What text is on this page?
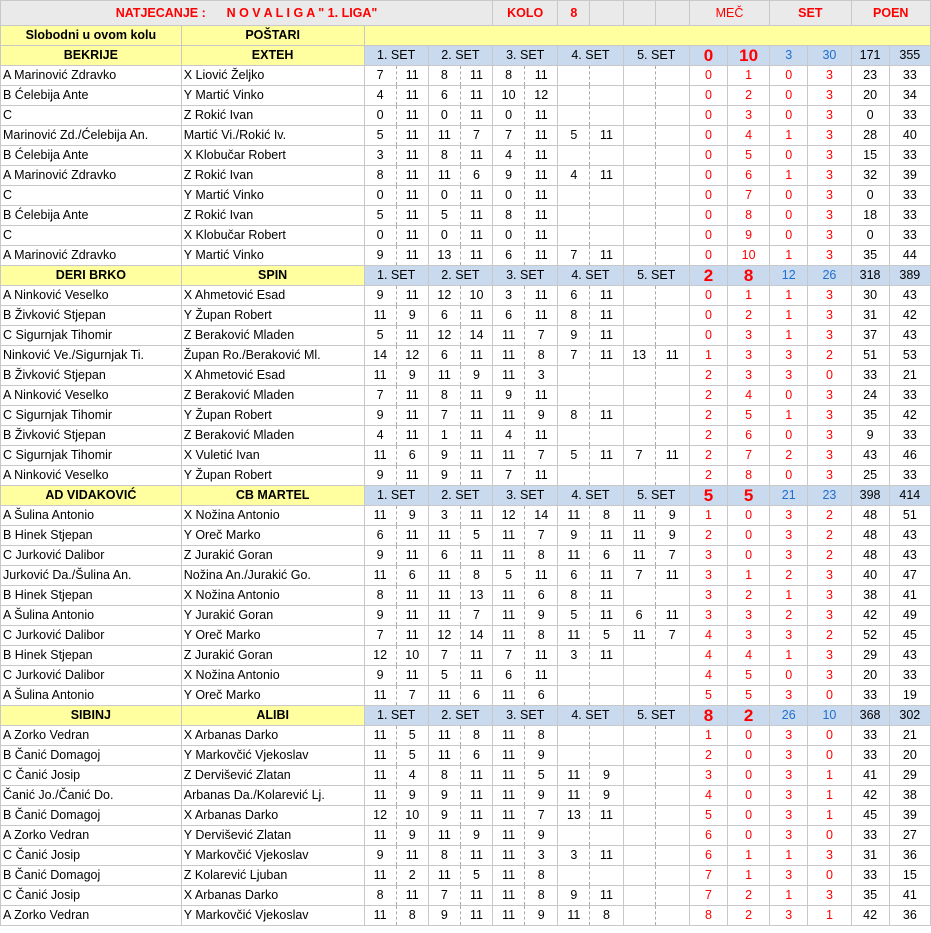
NATJECANJE : N O V A L I G A " 1. LIGA"						KOLO		8				MEČ		SET		POEN	
Slobodni u ovom kolu	POŠTARI																
BEKRIJE	EXTEH	1. SET		2. SET		3. SET		4. SET		5. SET		0	10	3	30	171	355
A Marinović Zdravko	X Liović Željko	7	11	8	11	8	11					0	1	0	3	23	33
B Ćelebija Ante	Y Martić Vinko	4	11	6	11	10	12					0	2	0	3	20	34
C	Z Rokić Ivan	0	11	0	11	0	11					0	3	0	3	0	33
Marinović Zd./Ćelebija An.	Martić Vi./Rokić Iv.	5	11	11	7	7	11	5	11			0	4	1	3	28	40
B Ćelebija Ante	X Klobučar Robert	3	11	8	11	4	11					0	5	0	3	15	33
A Marinović Zdravko	Z Rokić Ivan	8	11	11	6	9	11	4	11			0	6	1	3	32	39
C	Y Martić Vinko	0	11	0	11	0	11					0	7	0	3	0	33
B Ćelebija Ante	Z Rokić Ivan	5	11	5	11	8	11					0	8	0	3	18	33
C	X Klobučar Robert	0	11	0	11	0	11					0	9	0	3	0	33
A Marinović Zdravko	Y Martić Vinko	9	11	13	11	6	11	7	11			0	10	1	3	35	44
DERI BRKO	SPIN	1. SET		2. SET		3. SET		4. SET		5. SET		2	8	12	26	318	389
A Ninković Veselko	X Ahmetović Esad	9	11	12	10	3	11	6	11			0	1	1	3	30	43
B Živković Stjepan	Y Župan Robert	11	9	6	11	6	11	8	11			0	2	1	3	31	42
C Sigurnjak Tihomir	Z Beraković Mladen	5	11	12	14	11	7	9	11			0	3	1	3	37	43
Ninković Ve./Sigurnjak Ti.	Župan Ro./Beraković Ml.	14	12	6	11	11	8	7	11	13	11	1	3	3	2	51	53
B Živković Stjepan	X Ahmetović Esad	11	9	11	9	11	3					2	3	3	0	33	21
A Ninković Veselko	Z Beraković Mladen	7	11	8	11	9	11					2	4	0	3	24	33
C Sigurnjak Tihomir	Y Župan Robert	9	11	7	11	11	9	8	11			2	5	1	3	35	42
B Živković Stjepan	Z Beraković Mladen	4	11	1	11	4	11					2	6	0	3	9	33
C Sigurnjak Tihomir	X Vuletić Ivan	11	6	9	11	11	7	5	11	7	11	2	7	2	3	43	46
A Ninković Veselko	Y Župan Robert	9	11	9	11	7	11					2	8	0	3	25	33
AD VIDAKOVIĆ	CB MARTEL	1. SET		2. SET		3. SET		4. SET		5. SET		5	5	21	23	398	414
A Šulina Antonio	X Nožina Antonio	11	9	3	11	12	14	11	8	11	9	1	0	3	2	48	51
B Hinek Stjepan	Y Oreč Marko	6	11	11	5	11	7	9	11	11	9	2	0	3	2	48	43
C Jurković Dalibor	Z Jurakić Goran	9	11	6	11	11	8	11	6	11	7	3	0	3	2	48	43
Jurković Da./Šulina An.	Nožina An./Jurakić Go.	11	6	11	8	5	11	6	11	7	11	3	1	2	3	40	47
B Hinek Stjepan	X Nožina Antonio	8	11	11	13	11	6	8	11			3	2	1	3	38	41
A Šulina Antonio	Y Jurakić Goran	9	11	11	7	11	9	5	11	6	11	3	3	2	3	42	49
C Jurković Dalibor	Y Oreč Marko	7	11	12	14	11	8	11	5	11	7	4	3	3	2	52	45
B Hinek Stjepan	Z Jurakić Goran	12	10	7	11	7	11	3	11			4	4	1	3	29	43
C Jurković Dalibor	X Nožina Antonio	9	11	5	11	6	11					4	5	0	3	20	33
A Šulina Antonio	Y Oreč Marko	11	7	11	6	11	6					5	5	3	0	33	19
SIBINJ	ALIBI	1. SET		2. SET		3. SET		4. SET		5. SET		8	2	26	10	368	302
A Zorko Vedran	X Arbanas Darko	11	5	11	8	11	8					1	0	3	0	33	21
B Čanić Domagoj	Y Markovčić Vjekoslav	11	5	11	6	11	9					2	0	3	0	33	20
C Čanić Josip	Z Dervišević Zlatan	11	4	8	11	11	5	11	9			3	0	3	1	41	29
Čanić Jo./Čanić Do.	Arbanas Da./Kolarević Lj.	11	9	9	11	11	9	11	9			4	0	3	1	42	38
B Čanić Domagoj	X Arbanas Darko	12	10	9	11	11	7	13	11			5	0	3	1	45	39
A Zorko Vedran	Y Dervišević Zlatan	11	9	11	9	11	9					6	0	3	0	33	27
C Čanić Josip	Y Markovčić Vjekoslav	9	11	8	11	11	3	3	11			6	1	1	3	31	36
B Čanić Domagoj	Z Kolarević Ljuban	11	2	11	5	11	8					7	1	3	0	33	15
C Čanić Josip	X Arbanas Darko	8	11	7	11	11	8	9	11			7	2	1	3	35	41
A Zorko Vedran	Y Markovčić Vjekoslav	11	8	9	11	11	9	11	8			8	2	3	1	42	36
